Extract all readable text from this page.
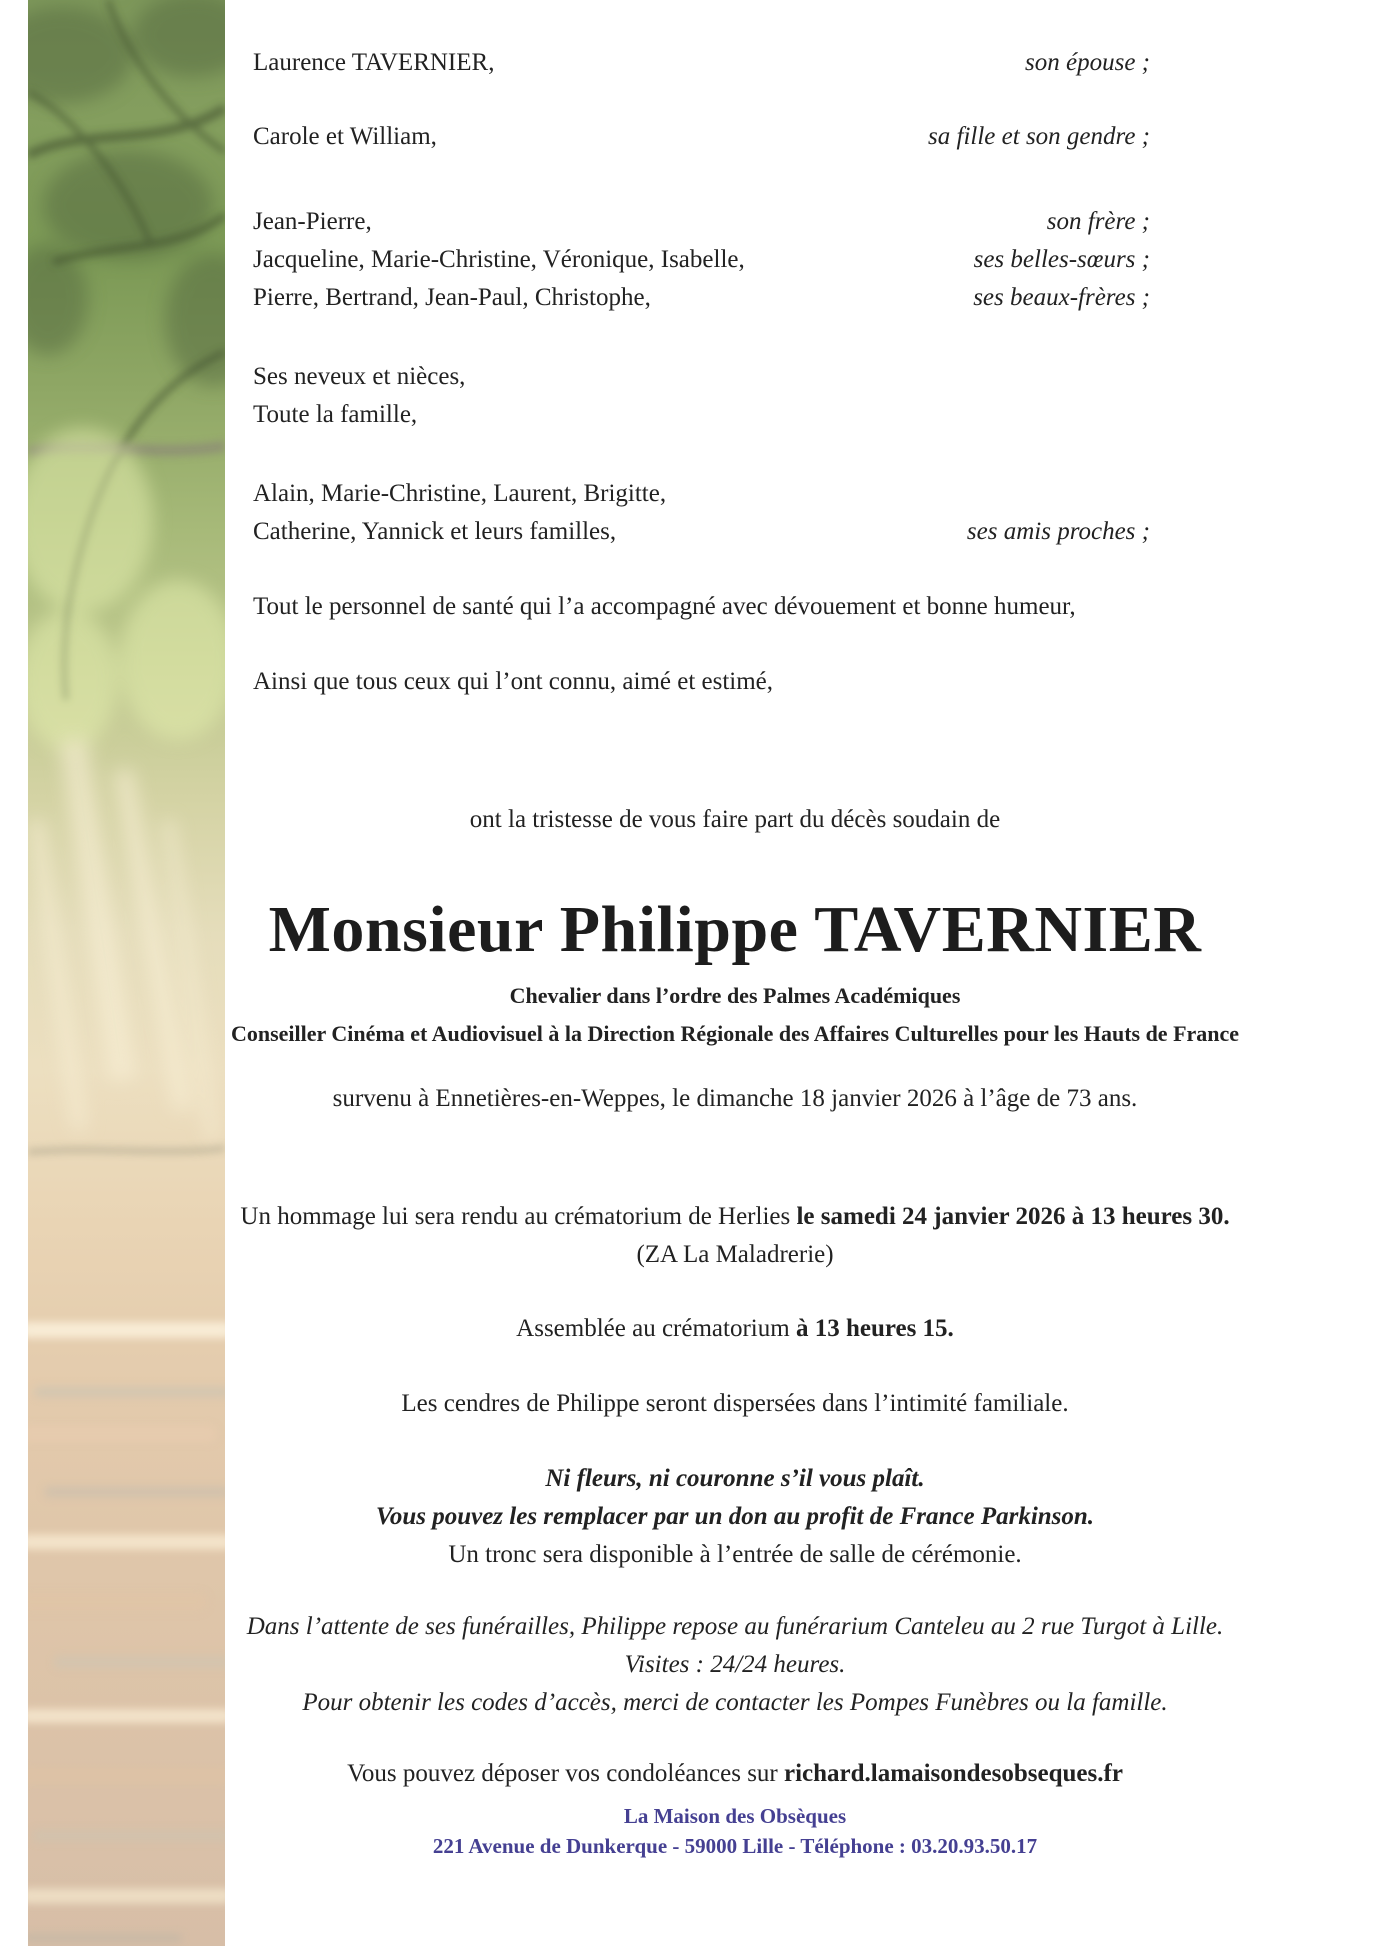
Laurence TAVERNIER,	son épouse ;
Carole et William,	sa fille et son gendre ;
Jean-Pierre,	son frère ;
Jacqueline, Marie-Christine, Véronique, Isabelle,	ses belles-sœurs ;
Pierre, Bertrand, Jean-Paul, Christophe,	ses beaux-frères ;
Ses neveux et nièces,
Toute la famille,
Alain, Marie-Christine, Laurent, Brigitte,
Catherine, Yannick et leurs familles,	ses amis proches ;
Tout le personnel de santé qui l’a accompagné avec dévouement et bonne humeur,
Ainsi que tous ceux qui l’ont connu, aimé et estimé,

ont la tristesse de vous faire part du décès soudain de

Monsieur Philippe TAVERNIER

Chevalier dans l’ordre des Palmes Académiques

Conseiller Cinéma et Audiovisuel à la Direction Régionale des Affaires Culturelles pour les Hauts de France

survenu à Ennetières-en-Weppes, le dimanche 18 janvier 2026 à l’âge de 73 ans.

Un hommage lui sera rendu au crématorium de Herlies le samedi 24 janvier 2026 à 13 heures 30.

(ZA La Maladrerie)

Assemblée au crématorium à 13 heures 15.

Les cendres de Philippe seront dispersées dans l’intimité familiale.

Ni fleurs, ni couronne s’il vous plaît.

Vous pouvez les remplacer par un don au profit de France Parkinson.

Un tronc sera disponible à l’entrée de salle de cérémonie.

Dans l’attente de ses funérailles, Philippe repose au funérarium Canteleu au 2 rue Turgot à Lille.

Visites : 24/24 heures.

Pour obtenir les codes d’accès, merci de contacter les Pompes Funèbres ou la famille.

Vous pouvez déposer vos condoléances sur richard.lamaisondesobseques.fr

La Maison des Obsèques

221 Avenue de Dunkerque - 59000 Lille - Téléphone : 03.20.93.50.17
